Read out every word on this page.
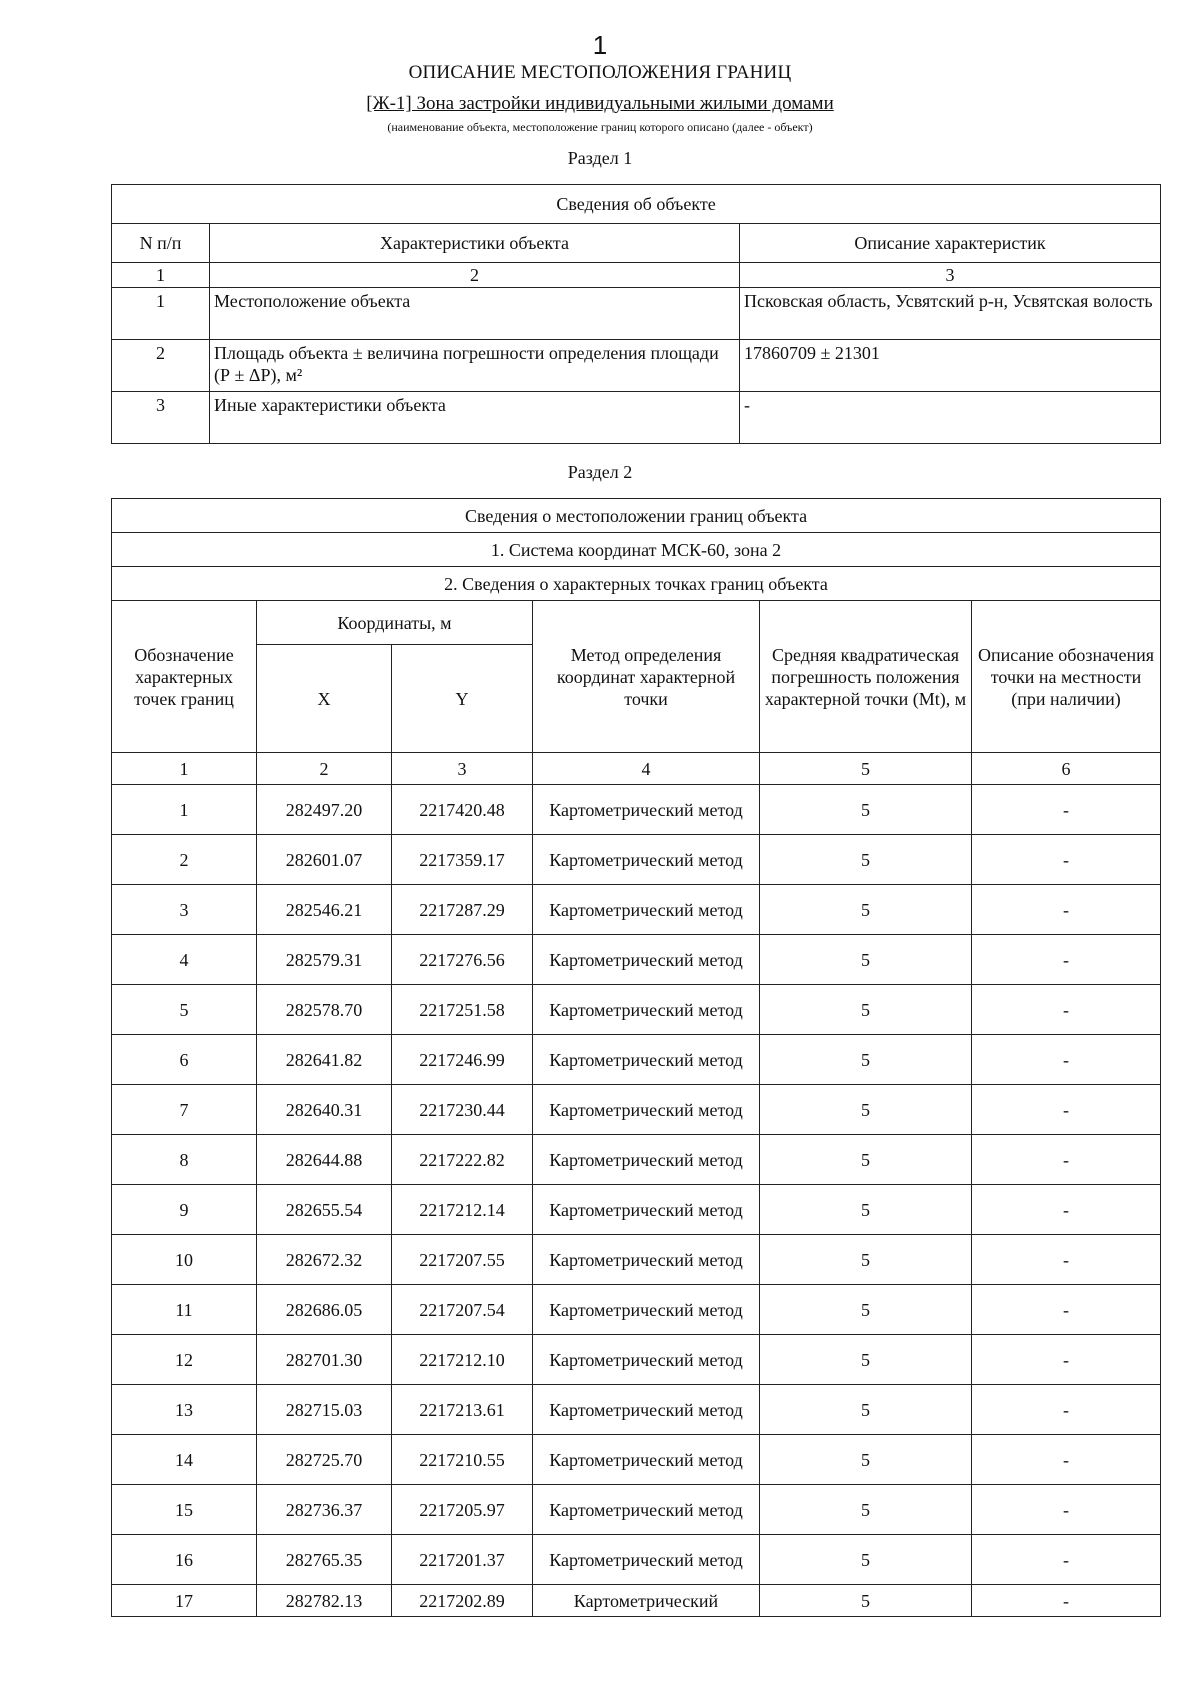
1
ОПИСАНИЕ МЕСТОПОЛОЖЕНИЯ ГРАНИЦ
[Ж-1] Зона застройки индивидуальными жилыми домами
(наименование объекта, местоположение границ которого описано (далее - объект)
Раздел 1
Сведения об объекте		
N п/п	Характеристики объекта	Описание характеристик
1	2	3
1	Местоположение объекта	Псковская область, Усвятский р-н, Усвятская волость
2	Площадь объекта ± величина погрешности определения площади (Р ± ΔР), м²	17860709 ± 21301
3	Иные характеристики объекта	-
Раздел 2
Сведения о местоположении границ объекта					
1. Система координат МСК-60, зона 2					
2. Сведения о характерных точках границ объекта					
Обозначение характерных точек границ	Координаты, м		Метод определения координат характерной точки	Средняя квадратическая погрешность положения характерной точки (Mt), м	Описание обозначения точки на местности (при наличии)
	X	Y			
1	2	3	4	5	6
1	282497.20	2217420.48	Картометрический метод	5	-
2	282601.07	2217359.17	Картометрический метод	5	-
3	282546.21	2217287.29	Картометрический метод	5	-
4	282579.31	2217276.56	Картометрический метод	5	-
5	282578.70	2217251.58	Картометрический метод	5	-
6	282641.82	2217246.99	Картометрический метод	5	-
7	282640.31	2217230.44	Картометрический метод	5	-
8	282644.88	2217222.82	Картометрический метод	5	-
9	282655.54	2217212.14	Картометрический метод	5	-
10	282672.32	2217207.55	Картометрический метод	5	-
11	282686.05	2217207.54	Картометрический метод	5	-
12	282701.30	2217212.10	Картометрический метод	5	-
13	282715.03	2217213.61	Картометрический метод	5	-
14	282725.70	2217210.55	Картометрический метод	5	-
15	282736.37	2217205.97	Картометрический метод	5	-
16	282765.35	2217201.37	Картометрический метод	5	-
17	282782.13	2217202.89	Картометрический	5	-
